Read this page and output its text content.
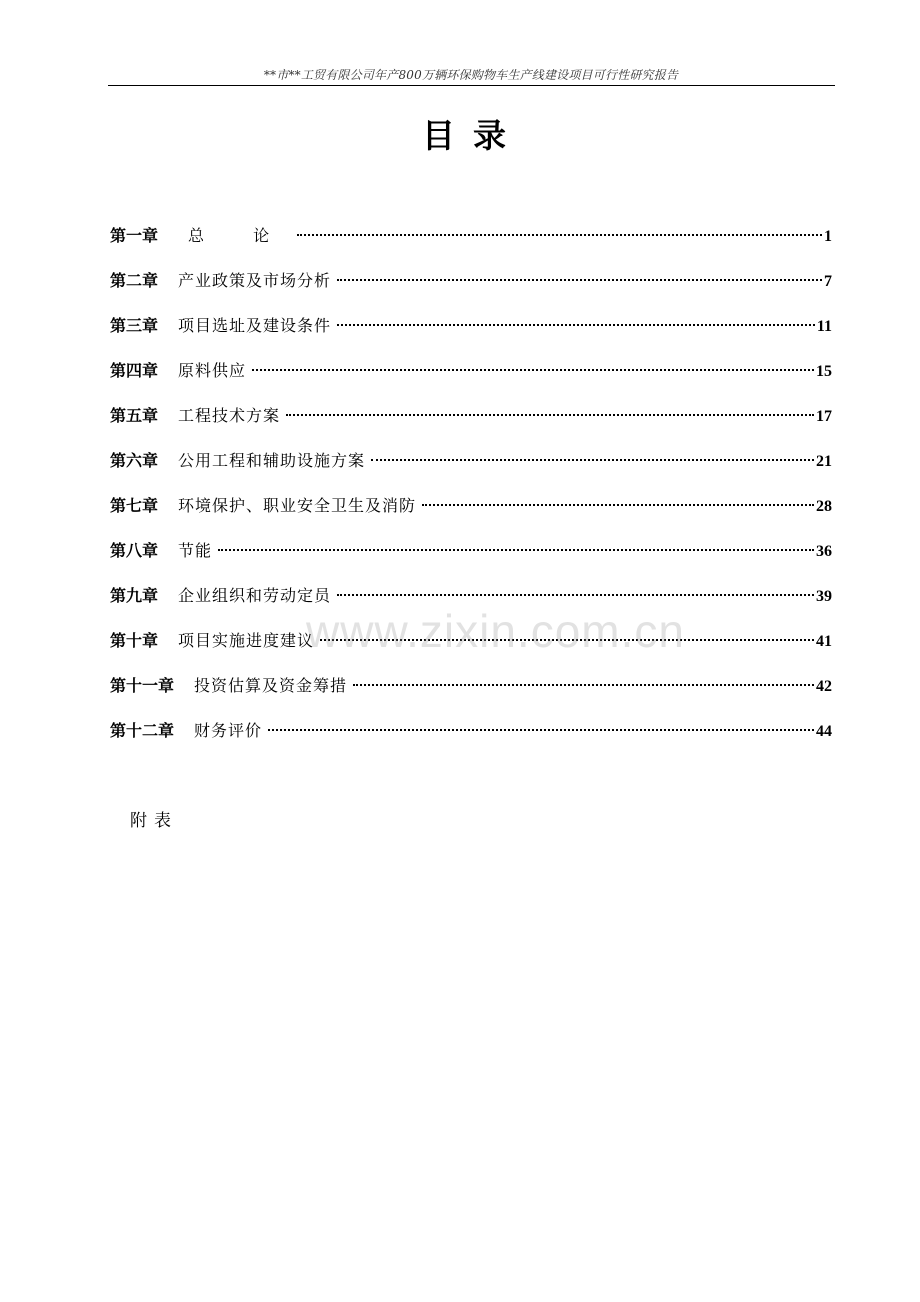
**市**工贸有限公司年产800万辆环保购物车生产线建设项目可行性研究报告
目录
第一章 总 论	1
第二章 产业政策及市场分析	7
第三章 项目选址及建设条件	11
第四章 原料供应	15
第五章 工程技术方案	17
第六章 公用工程和辅助设施方案	21
第七章 环境保护、职业安全卫生及消防	28
第八章 节能	36
第九章 企业组织和劳动定员	39
第十章 项目实施进度建议	41
第十一章 投资估算及资金筹措	42
第十二章 财务评价	44
附表
www.zixin.com.cn
